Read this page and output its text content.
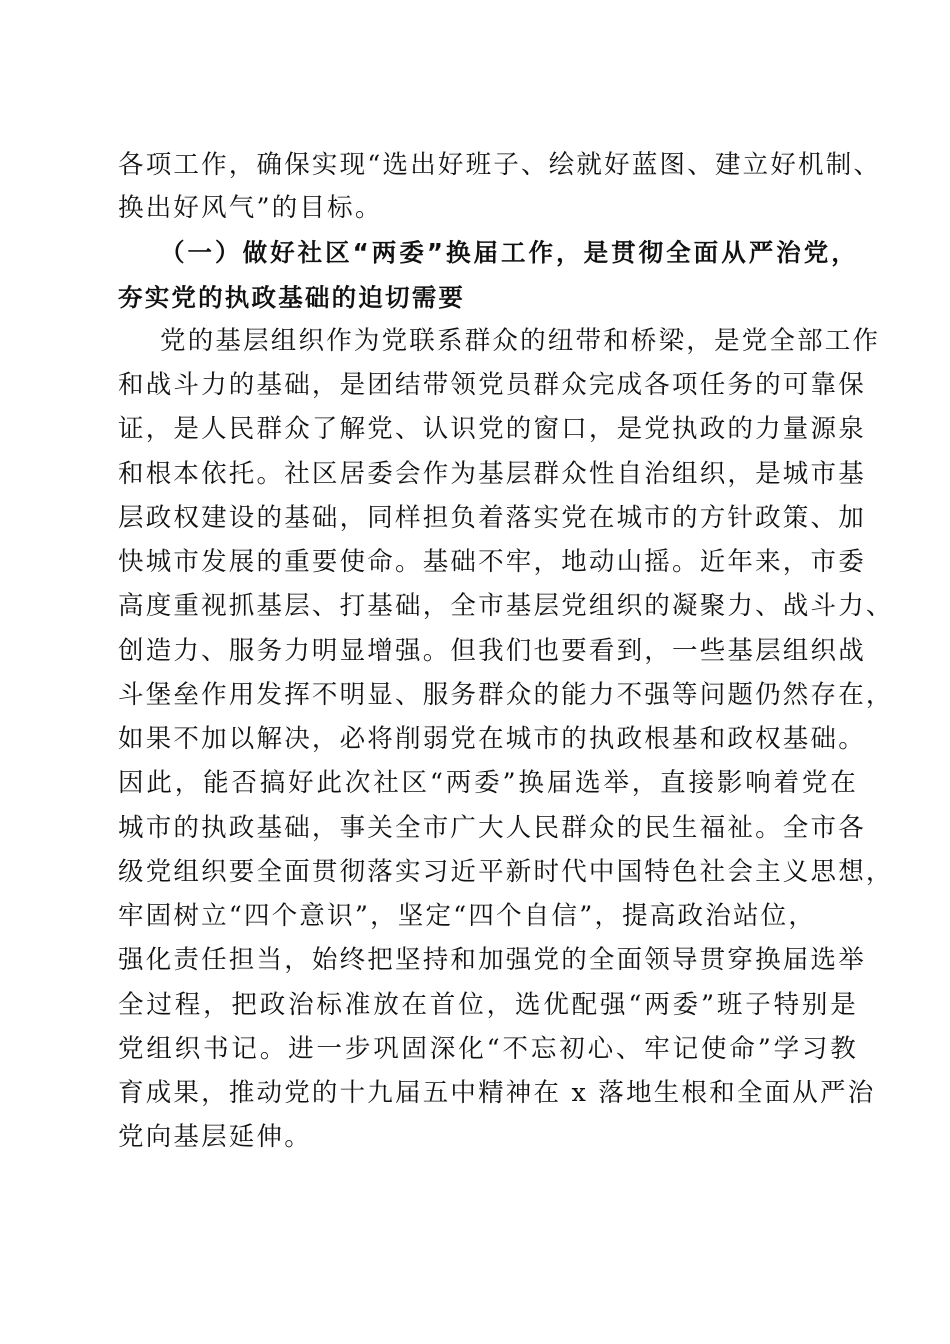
各项工作，确保实现“选出好班子、绘就好蓝图、建立好机制、
换出好风气”的目标。
（一）做好社区“两委”换届工作，是贯彻全面从严治党，
夯实党的执政基础的迫切需要
党的基层组织作为党联系群众的纽带和桥梁，是党全部工作
和战斗力的基础，是团结带领党员群众完成各项任务的可靠保
证，是人民群众了解党、认识党的窗口，是党执政的力量源泉
和根本依托。社区居委会作为基层群众性自治组织，是城市基
层政权建设的基础，同样担负着落实党在城市的方针政策、加
快城市发展的重要使命。基础不牢，地动山摇。近年来，市委
高度重视抓基层、打基础，全市基层党组织的凝聚力、战斗力、
创造力、服务力明显增强。但我们也要看到，一些基层组织战
斗堡垒作用发挥不明显、服务群众的能力不强等问题仍然存在，
如果不加以解决，必将削弱党在城市的执政根基和政权基础。
因此，能否搞好此次社区“两委”换届选举，直接影响着党在
城市的执政基础，事关全市广大人民群众的民生福祉。全市各
级党组织要全面贯彻落实习近平新时代中国特色社会主义思想，
牢固树立“四个意识”，坚定“四个自信”，提高政治站位，
强化责任担当，始终把坚持和加强党的全面领导贯穿换届选举
全过程，把政治标准放在首位，选优配强“两委”班子特别是
党组织书记。进一步巩固深化“不忘初心、牢记使命”学习教
育成果，推动党的十九届五中精神在 x 落地生根和全面从严治
党向基层延伸。
